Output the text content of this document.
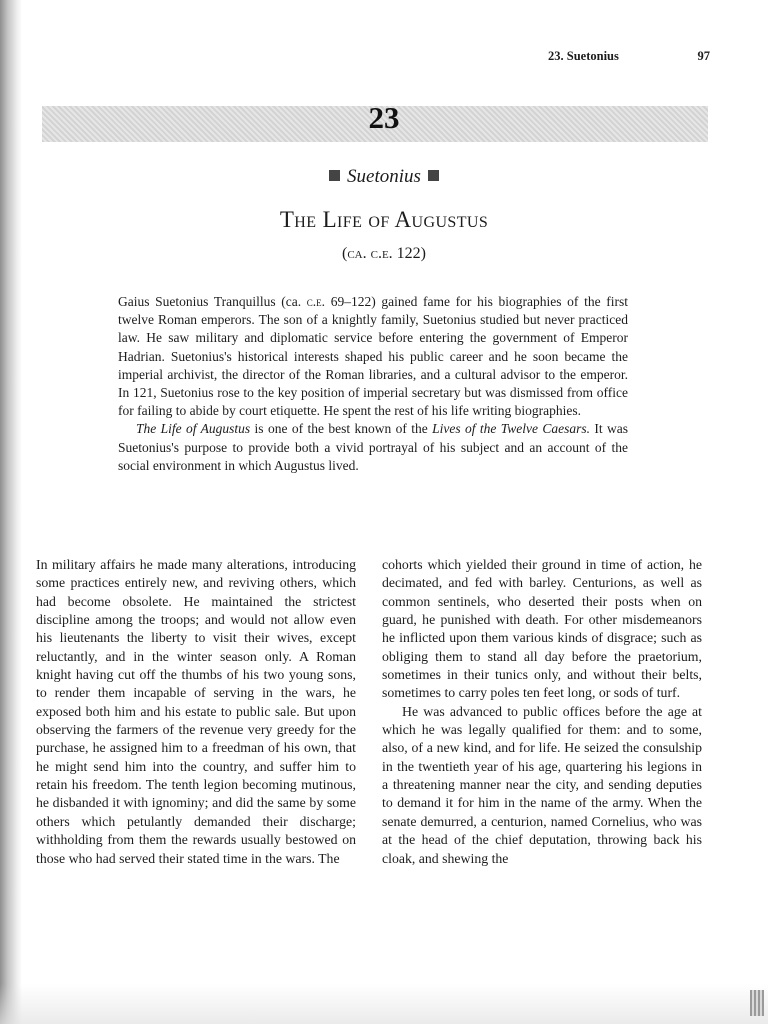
23. Suetonius	97
23
Suetonius
The Life of Augustus
(ca. c.e. 122)

Gaius Suetonius Tranquillus (ca. c.e. 69–122) gained fame for his biographies of the first twelve Roman emperors. The son of a knightly family, Suetonius studied but never practiced law. He saw military and diplomatic service before entering the government of Emperor Hadrian. Suetonius's historical interests shaped his public career and he soon became the imperial archivist, the director of the Roman libraries, and a cultural advisor to the emperor. In 121, Suetonius rose to the key position of imperial secretary but was dismissed from office for failing to abide by court etiquette. He spent the rest of his life writing biographies.

The Life of Augustus is one of the best known of the Lives of the Twelve Caesars. It was Suetonius's purpose to provide both a vivid portrayal of his subject and an account of the social environment in which Augustus lived.

In military affairs he made many alterations, introducing some practices entirely new, and reviving others, which had become obsolete. He maintained the strictest discipline among the troops; and would not allow even his lieutenants the liberty to visit their wives, except reluctantly, and in the winter season only. A Roman knight having cut off the thumbs of his two young sons, to render them incapable of serving in the wars, he exposed both him and his estate to public sale. But upon observing the farmers of the revenue very greedy for the purchase, he assigned him to a freedman of his own, that he might send him into the country, and suffer him to retain his freedom. The tenth legion becoming mutinous, he disbanded it with ignominy; and did the same by some others which petulantly demanded their discharge; withholding from them the rewards usually bestowed on those who had served their stated time in the wars. The

cohorts which yielded their ground in time of action, he decimated, and fed with barley. Centurions, as well as common sentinels, who deserted their posts when on guard, he punished with death. For other misdemeanors he inflicted upon them various kinds of disgrace; such as obliging them to stand all day before the praetorium, sometimes in their tunics only, and without their belts, sometimes to carry poles ten feet long, or sods of turf.

He was advanced to public offices before the age at which he was legally qualified for them: and to some, also, of a new kind, and for life. He seized the consulship in the twentieth year of his age, quartering his legions in a threatening manner near the city, and sending deputies to demand it for him in the name of the army. When the senate demurred, a centurion, named Cornelius, who was at the head of the chief deputation, throwing back his cloak, and shewing the
